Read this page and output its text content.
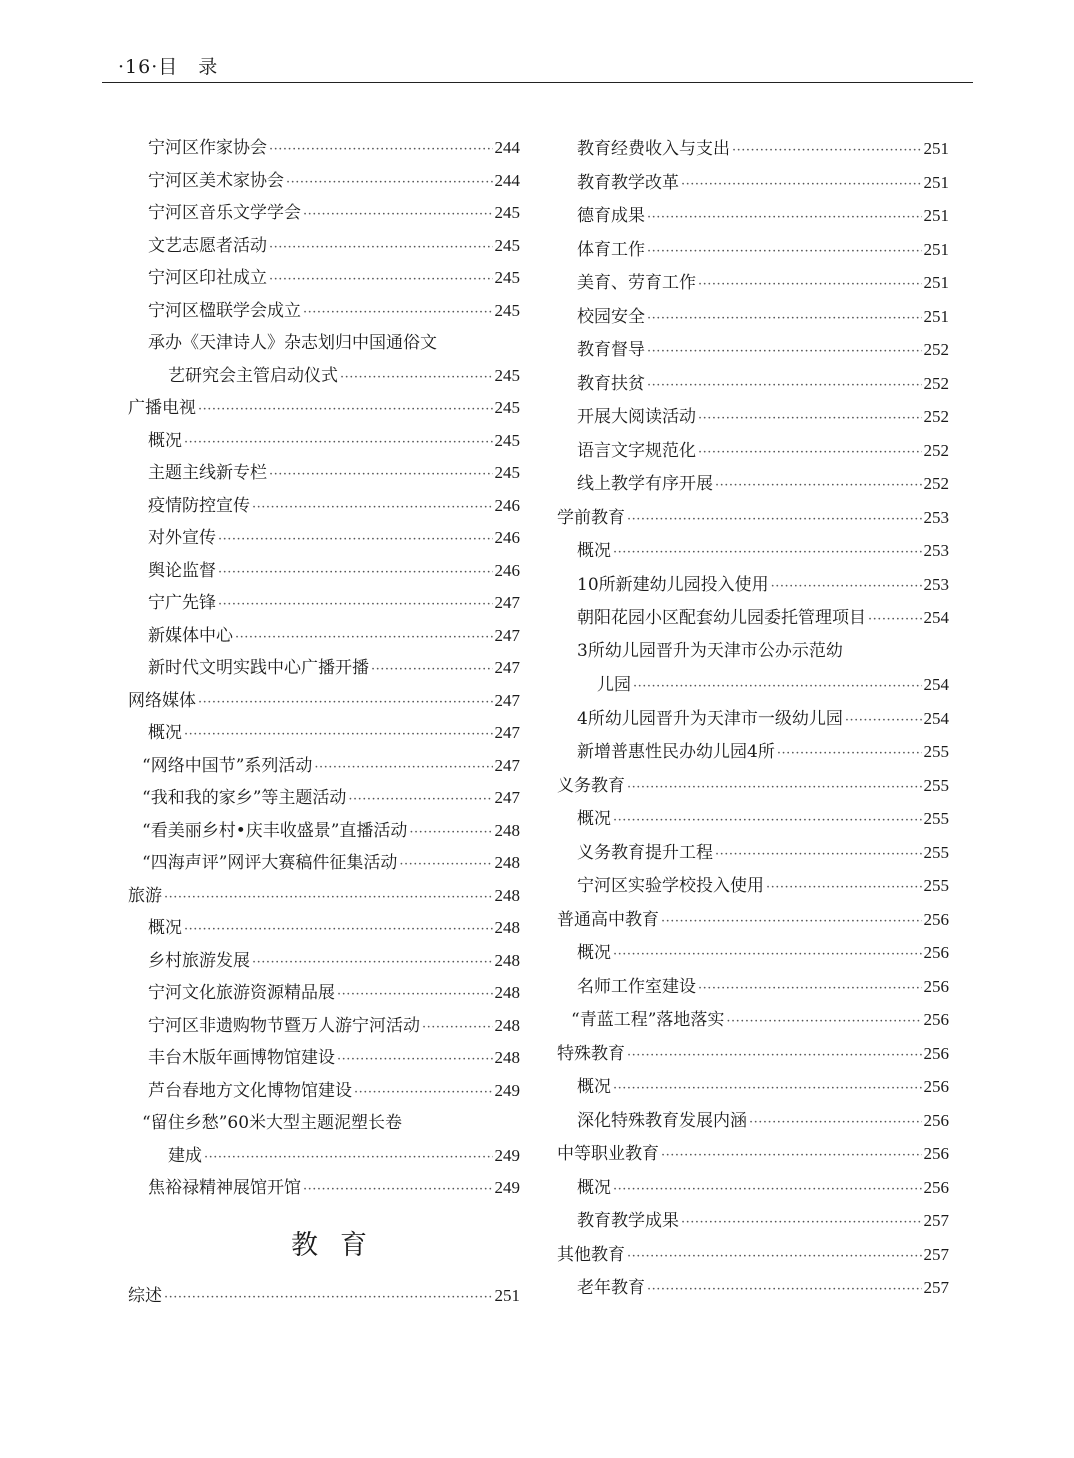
·16·目　录
宁河区作家协会 ·····	244
宁河区美术家协会 ·····	244
宁河区音乐文学学会 ·····	245
文艺志愿者活动 ·····	245
宁河区印社成立 ·····	245
宁河区楹联学会成立 ·····	245
承办《天津诗人》杂志划归中国通俗文
艺研究会主管启动仪式 ·····	245
广播电视 ·····	245
概况 ·····	245
主题主线新专栏 ·····	245
疫情防控宣传 ·····	246
对外宣传 ·····	246
舆论监督 ·····	246
宁广先锋 ·····	247
新媒体中心 ·····	247
新时代文明实践中心广播开播 ·····	247
网络媒体 ·····	247
概况 ·····	247
“网络中国节”系列活动 ·····	247
“我和我的家乡”等主题活动 ·····	247
“看美丽乡村•庆丰收盛景”直播活动 ·····	248
“四海声评”网评大赛稿件征集活动 ·····	248
旅游 ·····	248
概况 ·····	248
乡村旅游发展 ·····	248
宁河文化旅游资源精品展 ·····	248
宁河区非遗购物节暨万人游宁河活动 ·····	248
丰台木版年画博物馆建设 ·····	248
芦台春地方文化博物馆建设 ·····	249
“留住乡愁”60米大型主题泥塑长卷
建成 ·····	249
焦裕禄精神展馆开馆 ·····	249
教育
综述 ·····	251
教育经费收入与支出 ·····	251
教育教学改革 ·····	251
德育成果 ·····	251
体育工作 ·····	251
美育、劳育工作 ·····	251
校园安全 ·····	251
教育督导 ·····	252
教育扶贫 ·····	252
开展大阅读活动 ·····	252
语言文字规范化 ·····	252
线上教学有序开展 ·····	252
学前教育 ·····	253
概况 ·····	253
10所新建幼儿园投入使用 ·····	253
朝阳花园小区配套幼儿园委托管理项目 ·····	254
3所幼儿园晋升为天津市公办示范幼
儿园 ·····	254
4所幼儿园晋升为天津市一级幼儿园 ·····	254
新增普惠性民办幼儿园4所 ·····	255
义务教育 ·····	255
概况 ·····	255
义务教育提升工程 ·····	255
宁河区实验学校投入使用 ·····	255
普通高中教育 ·····	256
概况 ·····	256
名师工作室建设 ·····	256
“青蓝工程”落地落实 ·····	256
特殊教育 ·····	256
概况 ·····	256
深化特殊教育发展内涵 ·····	256
中等职业教育 ·····	256
概况 ·····	256
教育教学成果 ·····	257
其他教育 ·····	257
老年教育 ·····	257
